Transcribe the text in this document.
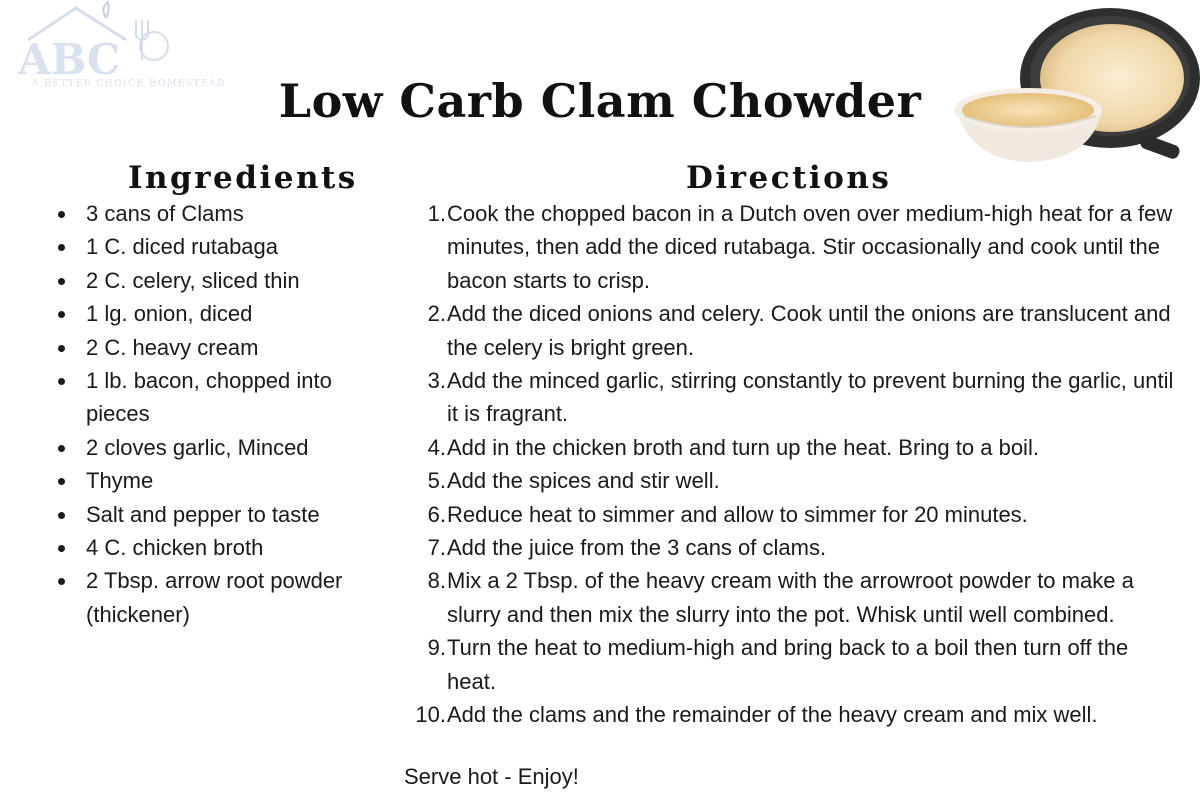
ABC
A BETTER CHOICE HOMESTEAD	Low Carb Clam Chowder
Ingredients	Directions
3 cans of Clams
1 C. diced rutabaga
2 C. celery, sliced thin
1 lg. onion, diced
2 C. heavy cream
1 lb. bacon, chopped into pieces
2 cloves garlic, Minced
Thyme
Salt and pepper to taste
4 C. chicken broth
2 Tbsp. arrow root powder (thickener)
1. Cook the chopped bacon in a Dutch oven over medium-high heat for a few minutes, then add the diced rutabaga. Stir occasionally and cook until the bacon starts to crisp.
2. Add the diced onions and celery. Cook until the onions are translucent and the celery is bright green.
3. Add the minced garlic, stirring constantly to prevent burning the garlic, until it is fragrant.
4. Add in the chicken broth and turn up the heat. Bring to a boil.
5. Add the spices and stir well.
6. Reduce heat to simmer and allow to simmer for 20 minutes.
7. Add the juice from the 3 cans of clams.
8. Mix a 2 Tbsp. of the heavy cream with the arrowroot powder to make a slurry and then mix the slurry into the pot. Whisk until well combined.
9. Turn the heat to medium-high and bring back to a boil then turn off the heat.
10. Add the clams and the remainder of the heavy cream and mix well.
Serve hot - Enjoy!
